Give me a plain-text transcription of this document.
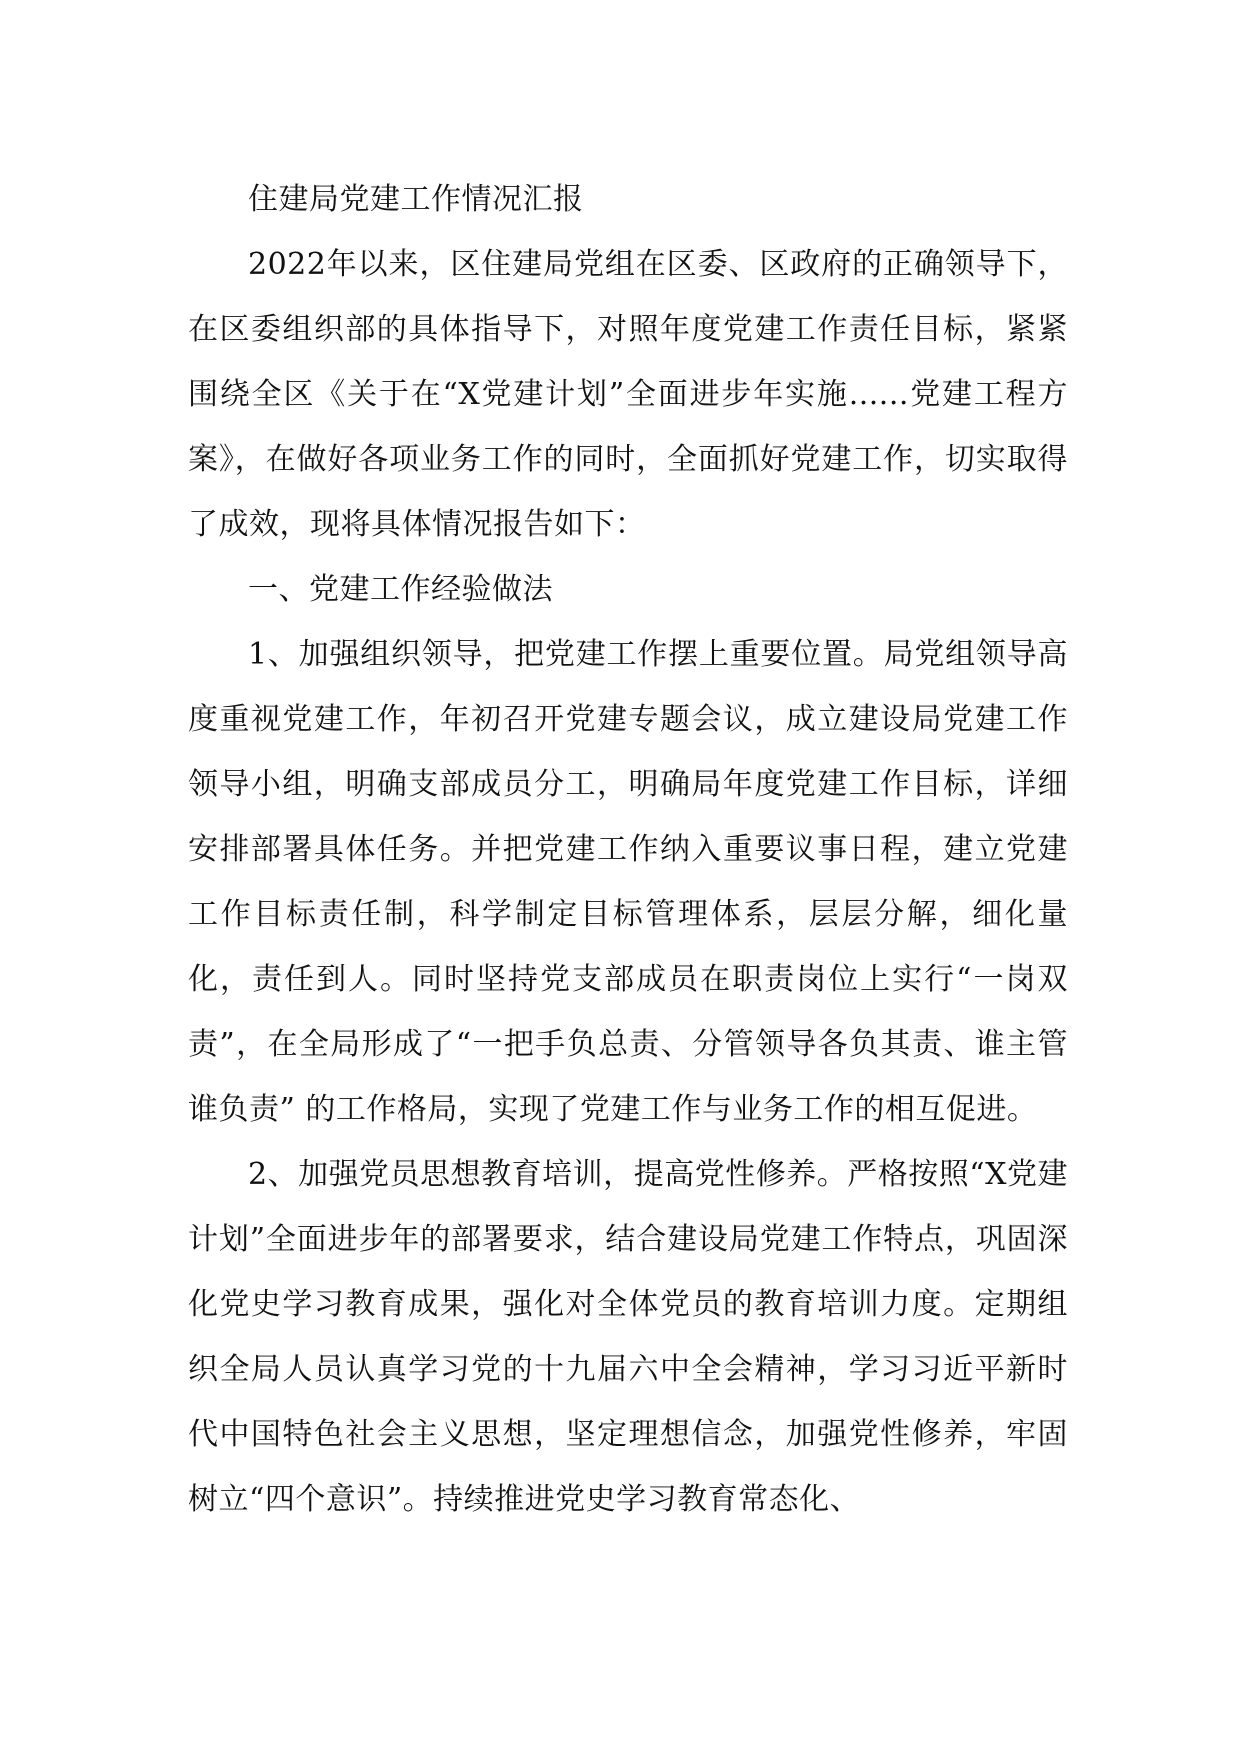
住建局党建工作情况汇报

2022年以来，区住建局党组在区委、区政府的正确领导下，在区委组织部的具体指导下，对照年度党建工作责任目标，紧紧围绕全区《关于在“X党建计划”全面进步年实施......党建工程方案》，在做好各项业务工作的同时，全面抓好党建工作，切实取得了成效，现将具体情况报告如下：

一、党建工作经验做法

1、加强组织领导，把党建工作摆上重要位置。局党组领导高度重视党建工作，年初召开党建专题会议，成立建设局党建工作领导小组，明确支部成员分工，明确局年度党建工作目标，详细安排部署具体任务。并把党建工作纳入重要议事日程，建立党建工作目标责任制，科学制定目标管理体系，层层分解，细化量化，责任到人。同时坚持党支部成员在职责岗位上实行“一岗双责”，在全局形成了“一把手负总责、分管领导各负其责、谁主管谁负责” 的工作格局，实现了党建工作与业务工作的相互促进。

2、加强党员思想教育培训，提高党性修养。严格按照“X党建计划”全面进步年的部署要求，结合建设局党建工作特点，巩固深化党史学习教育成果，强化对全体党员的教育培训力度。定期组织全局人员认真学习党的十九届六中全会精神，学习习近平新时代中国特色社会主义思想，坚定理想信念，加强党性修养，牢固树立“四个意识”。持续推进党史学习教育常态化、
